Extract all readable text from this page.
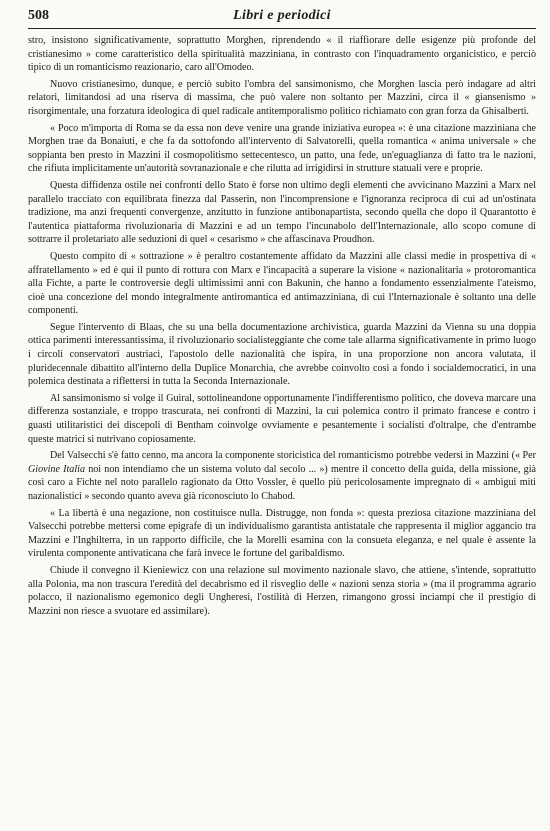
508	Libri e periodici

stro, insistono significativamente, soprattutto Morghen, riprendendo « il riaffiorare delle esigenze più profonde del cristianesimo » come caratteristico della spiritualità mazziniana, in contrasto con l'inquadramento organicistico, e perciò tipico di un romanticismo reazionario, caro all'Omodeo.

Nuovo cristianesimo, dunque, e perciò subito l'ombra del sansimonismo, che Morghen lascia però indagare ad altri relatori, limitandosi ad una riserva di massima, che può valere non soltanto per Mazzini, circa il « giansenismo » risorgimentale, una forzatura ideologica di quel radicale antitemporalismo politico richiamato con gran forza da Ghisalberti.

« Poco m'importa di Roma se da essa non deve venire una grande iniziativa europea »: è una citazione mazziniana che Morghen trae da Bonaiuti, e che fa da sottofondo all'intervento di Salvatorelli, quella romantica « anima universale » che soppianta ben presto in Mazzini il cosmopolitismo settecentesco, un patto, una fede, un'eguaglianza di fatto tra le nazioni, che rifiuta implicitamente un'autorità sovranazionale e che rilutta ad irrigidirsi in strutture statuali vere e proprie.

Questa diffidenza ostile nei confronti dello Stato è forse non ultimo degli elementi che avvicinano Mazzini a Marx nel parallelo tracciato con equilibrata finezza dal Passerin, non l'incomprensione e l'ignoranza reciproca di cui ad un'ostinata tradizione, ma anzi frequenti convergenze, anzitutto in funzione antibonapartista, secondo quella che dopo il Quarantotto è l'autentica piattaforma rivoluzionaria di Mazzini e ad un tempo l'incunabolo dell'Internazionale, allo scopo comune di sottrarre il proletariato alle seduzioni di quel « cesarismo » che affascinava Proudhon.

Questo compito di « sottrazione » è peraltro costantemente affidato da Mazzini alle classi medie in prospettiva di « affratellamento » ed è qui il punto di rottura con Marx e l'incapacità a superare la visione « nazionalitaria » protoromantica alla Fichte, a parte le controversie degli ultimissimi anni con Bakunin, che hanno a fondamento essenzialmente l'ateismo, cioè una concezione del mondo integralmente antiromantica ed antimazziniana, di cui l'Internazionale è soltanto una delle componenti.

Segue l'intervento di Blaas, che su una bella documentazione archivistica, guarda Mazzini da Vienna su una doppia ottica parimenti interessantissima, il rivoluzionario socialisteggiante che come tale allarma significativamente in primo luogo i circoli conservatori austriaci, l'apostolo delle nazionalità che ispira, in una proporzione non ancora valutata, il pluridecennale dibattito all'interno della Duplice Monarchia, che avrebbe coinvolto così a fondo i socialdemocratici, in una polemica destinata a riflettersi in tutta la Seconda Internazionale.

Al sansimonismo si volge il Guiral, sottolineandone opportunamente l'indifferentismo politico, che doveva marcare una differenza sostanziale, e troppo trascurata, nei confronti di Mazzini, la cui polemica contro il primato francese e contro i guasti utilitaristici dei discepoli di Bentham coinvolge ovviamente e pesantemente i socialisti d'oltralpe, che d'entrambe queste matrici si nutrivano copiosamente.

Del Valsecchi s'è fatto cenno, ma ancora la componente storicistica del romanticismo potrebbe vedersi in Mazzini (« Per Giovine Italia noi non intendiamo che un sistema voluto dal secolo ... ») mentre il concetto della guida, della missione, già così caro a Fichte nel noto parallelo ragionato da Otto Vossler, è quello più pericolosamente impregnato di « ambigui miti nazionalistici » secondo quanto aveva già riconosciuto lo Chabod.

« La libertà è una negazione, non costituisce nulla. Distrugge, non fonda »: questa preziosa citazione mazziniana del Valsecchi potrebbe mettersi come epigrafe di un individualismo garantista antistatale che rappresenta il miglior aggancio tra Mazzini e l'Inghilterra, in un rapporto difficile, che la Morelli esamina con la consueta eleganza, e nel quale è assente la virulenta componente antivaticana che farà invece le fortune del garibaldismo.

Chiude il convegno il Kieniewicz con una relazione sul movimento nazionale slavo, che attiene, s'intende, soprattutto alla Polonia, ma non trascura l'eredità del decabrismo ed il risveglio delle « nazioni senza storia » (ma il programma agrario polacco, il nazionalismo egemonico degli Ungheresi, l'ostilità di Herzen, rimangono grossi inciampi che il prestigio di Mazzini non riesce a svuotare ed assimilare).
